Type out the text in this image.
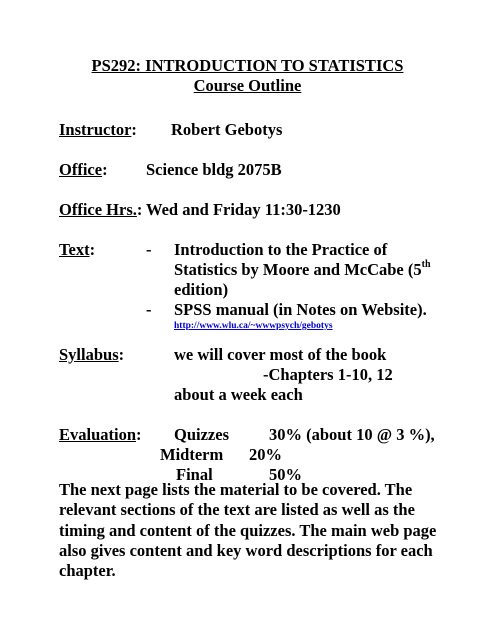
PS292: INTRODUCTION TO STATISTICS
Course Outline
Instructor: Robert Gebotys
Office: Science bldg 2075B
Office Hrs.: Wed and Friday 11:30-1230
Text:	- Introduction to the Practice of
Statistics by Moore and McCabe (5th
edition)
- SPSS manual (in Notes on Website).
http://www.wlu.ca/~wwwpsych/gebotys
Syllabus:	we will cover most of the book
-Chapters 1-10, 12
about a week each
Evaluation: Quizzes 30% (about 10 @ 3 %),
Midterm 20%
Final	50%
The next page lists the material to be covered. The relevant sections of the text are listed as well as the timing and content of the quizzes. The main web page also gives content and key word descriptions for each chapter.
